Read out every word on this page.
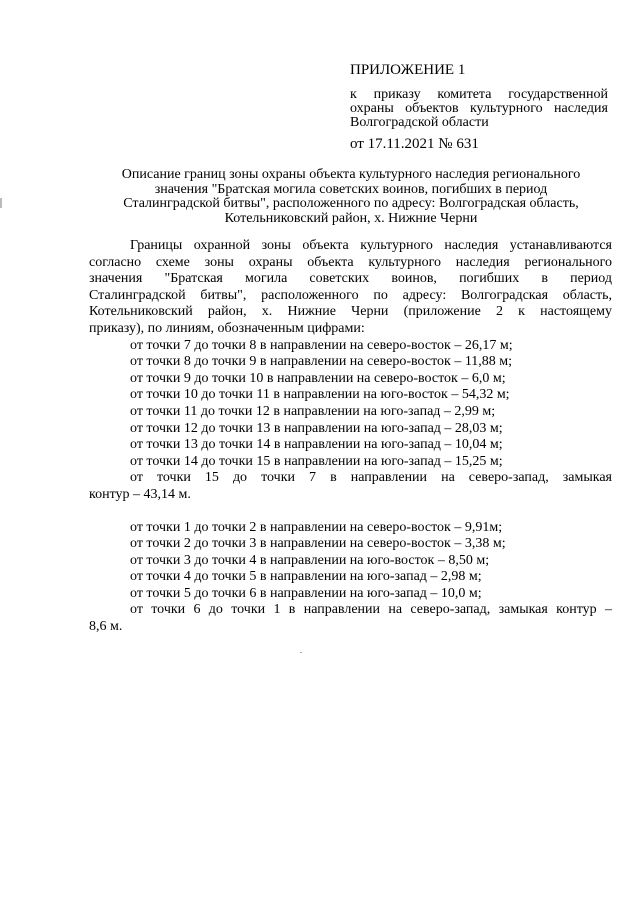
ПРИЛОЖЕНИЕ 1
к приказу комитета государственной
охраны объектов культурного наследия
Волгоградской области
от 17.11.2021 № 631
Описание границ зоны охраны объекта культурного наследия регионального
значения "Братская могила советских воинов, погибших в период
Сталинградской битвы", расположенного по адресу: Волгоградская область,
Котельниковский район, х. Нижние Черни
Границы охранной зоны объекта культурного наследия устанавливаются
согласно схеме зоны охраны объекта культурного наследия регионального
значения "Братская могила советских воинов, погибших в период
Сталинградской битвы", расположенного по адресу: Волгоградская область,
Котельниковский район, х. Нижние Черни (приложение 2 к настоящему
приказу), по линиям, обозначенным цифрами:
от точки 7 до точки 8 в направлении на северо-восток – 26,17 м;
от точки 8 до точки 9 в направлении на северо-восток – 11,88 м;
от точки 9 до точки 10 в направлении на северо-восток – 6,0 м;
от точки 10 до точки 11 в направлении на юго-восток – 54,32 м;
от точки 11 до точки 12 в направлении на юго-запад – 2,99 м;
от точки 12 до точки 13 в направлении на юго-запад – 28,03 м;
от точки 13 до точки 14 в направлении на юго-запад – 10,04 м;
от точки 14 до точки 15 в направлении на юго-запад – 15,25 м;
от точки 15 до точки 7 в направлении на северо-запад, замыкая
контур – 43,14 м.
от точки 1 до точки 2 в направлении на северо-восток – 9,91м;
от точки 2 до точки 3 в направлении на северо-восток – 3,38 м;
от точки 3 до точки 4 в направлении на юго-восток – 8,50 м;
от точки 4 до точки 5 в направлении на юго-запад – 2,98 м;
от точки 5 до точки 6 в направлении на юго-запад – 10,0 м;
от точки 6 до точки 1 в направлении на северо-запад, замыкая контур –
8,6 м.
